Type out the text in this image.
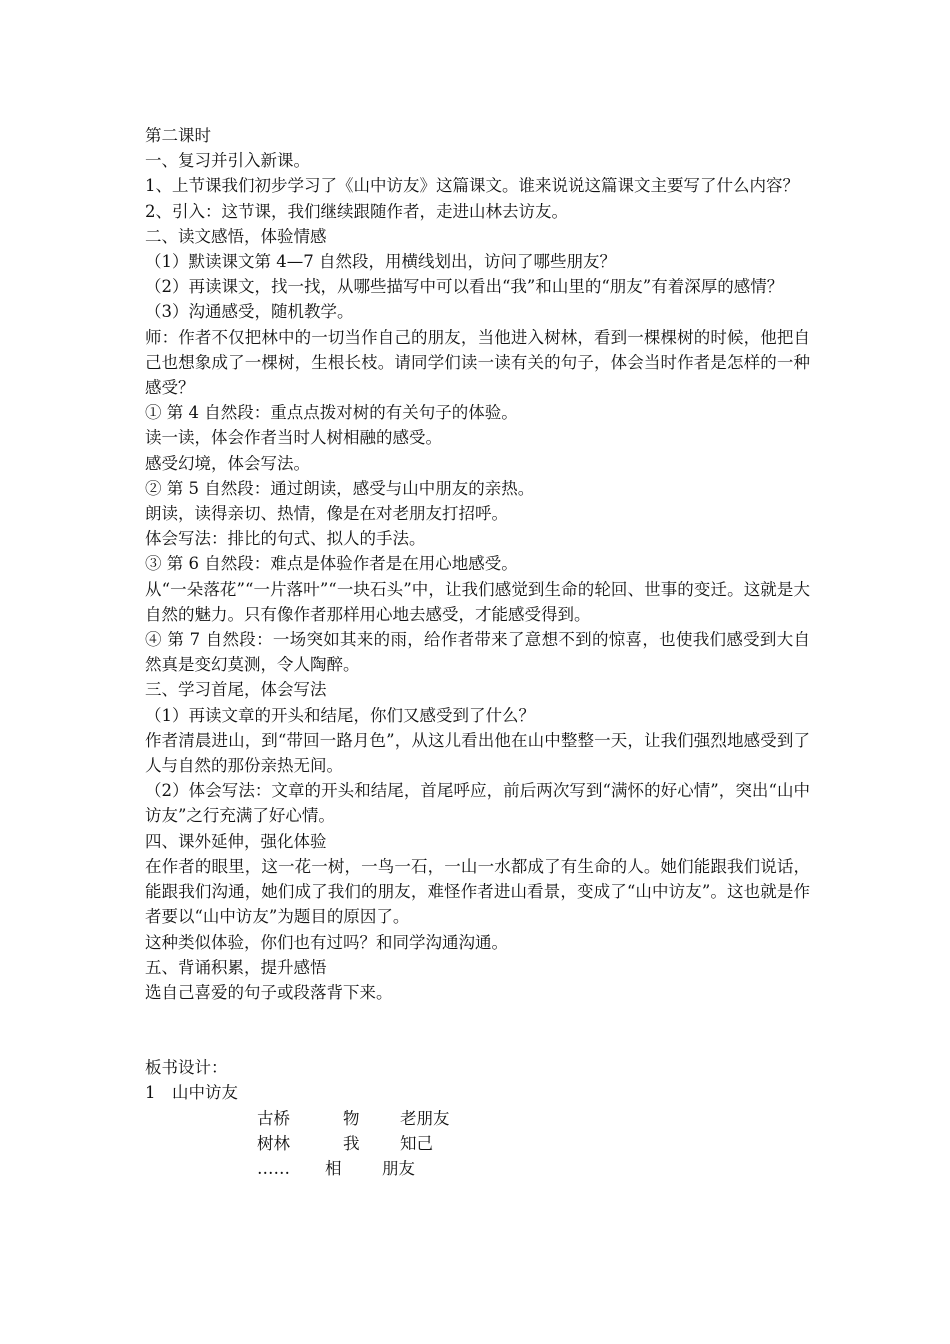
第二课时
一、复习并引入新课。
1、上节课我们初步学习了《山中访友》这篇课文。谁来说说这篇课文主要写了什么内容？
2、引入：这节课，我们继续跟随作者，走进山林去访友。
二、读文感悟，体验情感
（1）默读课文第 4—7 自然段，用横线划出，访问了哪些朋友？
（2）再读课文，找一找，从哪些描写中可以看出“我”和山里的“朋友”有着深厚的感情？
（3）沟通感受，随机教学。
师：作者不仅把林中的一切当作自己的朋友，当他进入树林，看到一棵棵树的时候，他把自己也想象成了一棵树，生根长枝。请同学们读一读有关的句子，体会当时作者是怎样的一种感受？
① 第 4 自然段：重点点拨对树的有关句子的体验。
读一读，体会作者当时人树相融的感受。
感受幻境，体会写法。
② 第 5 自然段：通过朗读，感受与山中朋友的亲热。
朗读，读得亲切、热情，像是在对老朋友打招呼。
体会写法：排比的句式、拟人的手法。
③ 第 6 自然段：难点是体验作者是在用心地感受。
从“一朵落花”“一片落叶”“一块石头”中，让我们感觉到生命的轮回、世事的变迁。这就是大自然的魅力。只有像作者那样用心地去感受，才能感受得到。
④ 第 7 自然段：一场突如其来的雨，给作者带来了意想不到的惊喜，也使我们感受到大自然真是变幻莫测，令人陶醉。
三、学习首尾，体会写法
（1）再读文章的开头和结尾，你们又感受到了什么？
作者清晨进山，到“带回一路月色”，从这儿看出他在山中整整一天，让我们强烈地感受到了人与自然的那份亲热无间。
（2）体会写法：文章的开头和结尾，首尾呼应，前后两次写到“满怀的好心情”，突出“山中访友”之行充满了好心情。
四、课外延伸，强化体验
在作者的眼里，这一花一树，一鸟一石，一山一水都成了有生命的人。她们能跟我们说话，能跟我们沟通，她们成了我们的朋友，难怪作者进山看景，变成了“山中访友”。这也就是作者要以“山中访友”为题目的原因了。
这种类似体验，你们也有过吗？和同学沟通沟通。
五、背诵积累，提升感悟
选自己喜爱的句子或段落背下来。
板书设计：
1　山中访友
古桥	物 老朋友
树林	我 知己
…… 相 朋友
